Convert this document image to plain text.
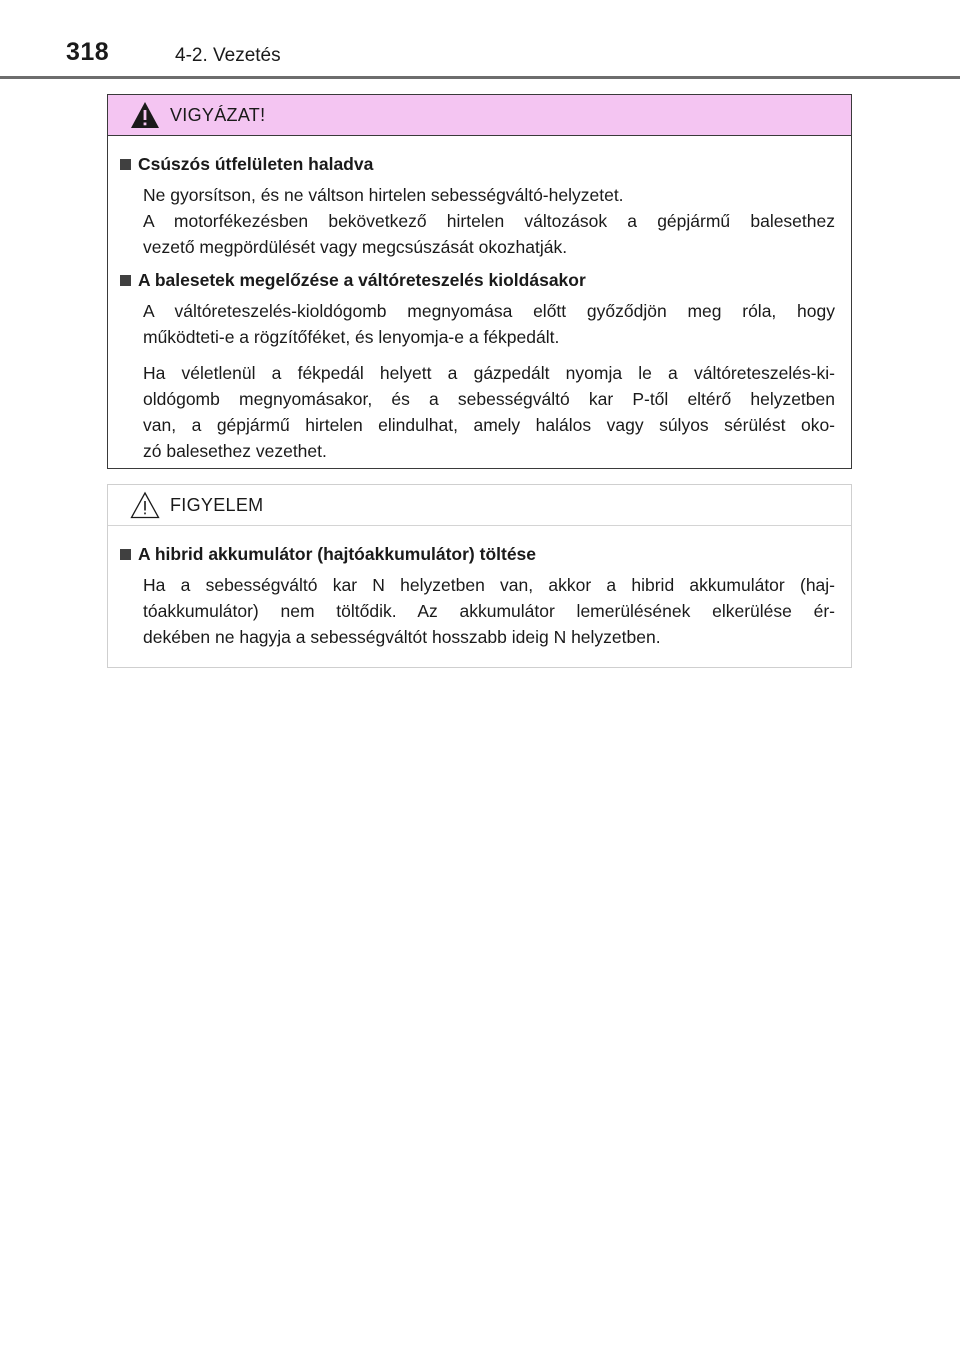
318	4-2. Vezetés
VIGYÁZAT!
Csúszós útfelületen haladva
Ne gyorsítson, és ne váltson hirtelen sebességváltó-helyzetet.
A motorfékezésben bekövetkező hirtelen változások a gépjármű balesethez
vezető megpördülését vagy megcsúszását okozhatják.
A balesetek megelőzése a váltóreteszelés kioldásakor
A váltóreteszelés-kioldógomb megnyomása előtt győződjön meg róla, hogy
működteti-e a rögzítőféket, és lenyomja-e a fékpedált.
Ha véletlenül a fékpedál helyett a gázpedált nyomja le a váltóreteszelés-ki-
oldógomb megnyomásakor, és a sebességváltó kar P-től eltérő helyzetben
van, a gépjármű hirtelen elindulhat, amely halálos vagy súlyos sérülést oko-
zó balesethez vezethet.
FIGYELEM
A hibrid akkumulátor (hajtóakkumulátor) töltése
Ha a sebességváltó kar N helyzetben van, akkor a hibrid akkumulátor (haj-
tóakkumulátor) nem töltődik. Az akkumulátor lemerülésének elkerülése ér-
dekében ne hagyja a sebességváltót hosszabb ideig N helyzetben.
